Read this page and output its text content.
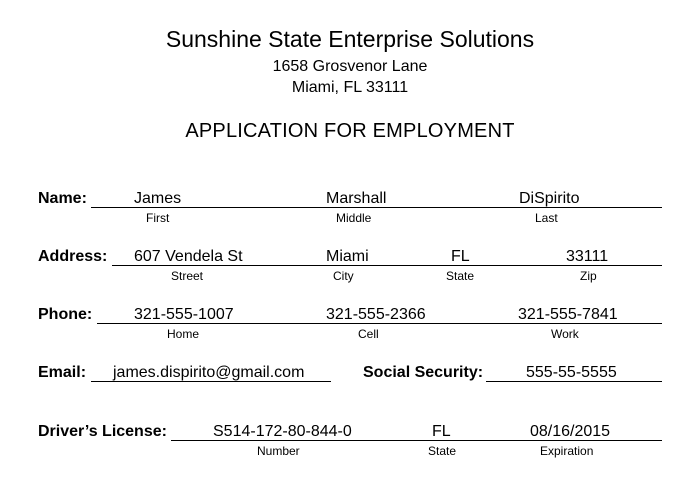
Sunshine State Enterprise Solutions
1658 Grosvenor Lane
Miami, FL 33111
APPLICATION FOR EMPLOYMENT
Name:	James	Marshall	DiSpirito
First	Middle	Last
Address: 607 Vendela St	Miami	FL	33111
Street	City	State	Zip
Phone:	321-555-1007	321-555-2366	321-555-7841
Home	Cell	Work
Email: james.dispirito@gmail.com	Social Security:	555-55-5555
Driver’s License:	S514-172-80-844-0	FL	08/16/2015
Number	State	Expiration
